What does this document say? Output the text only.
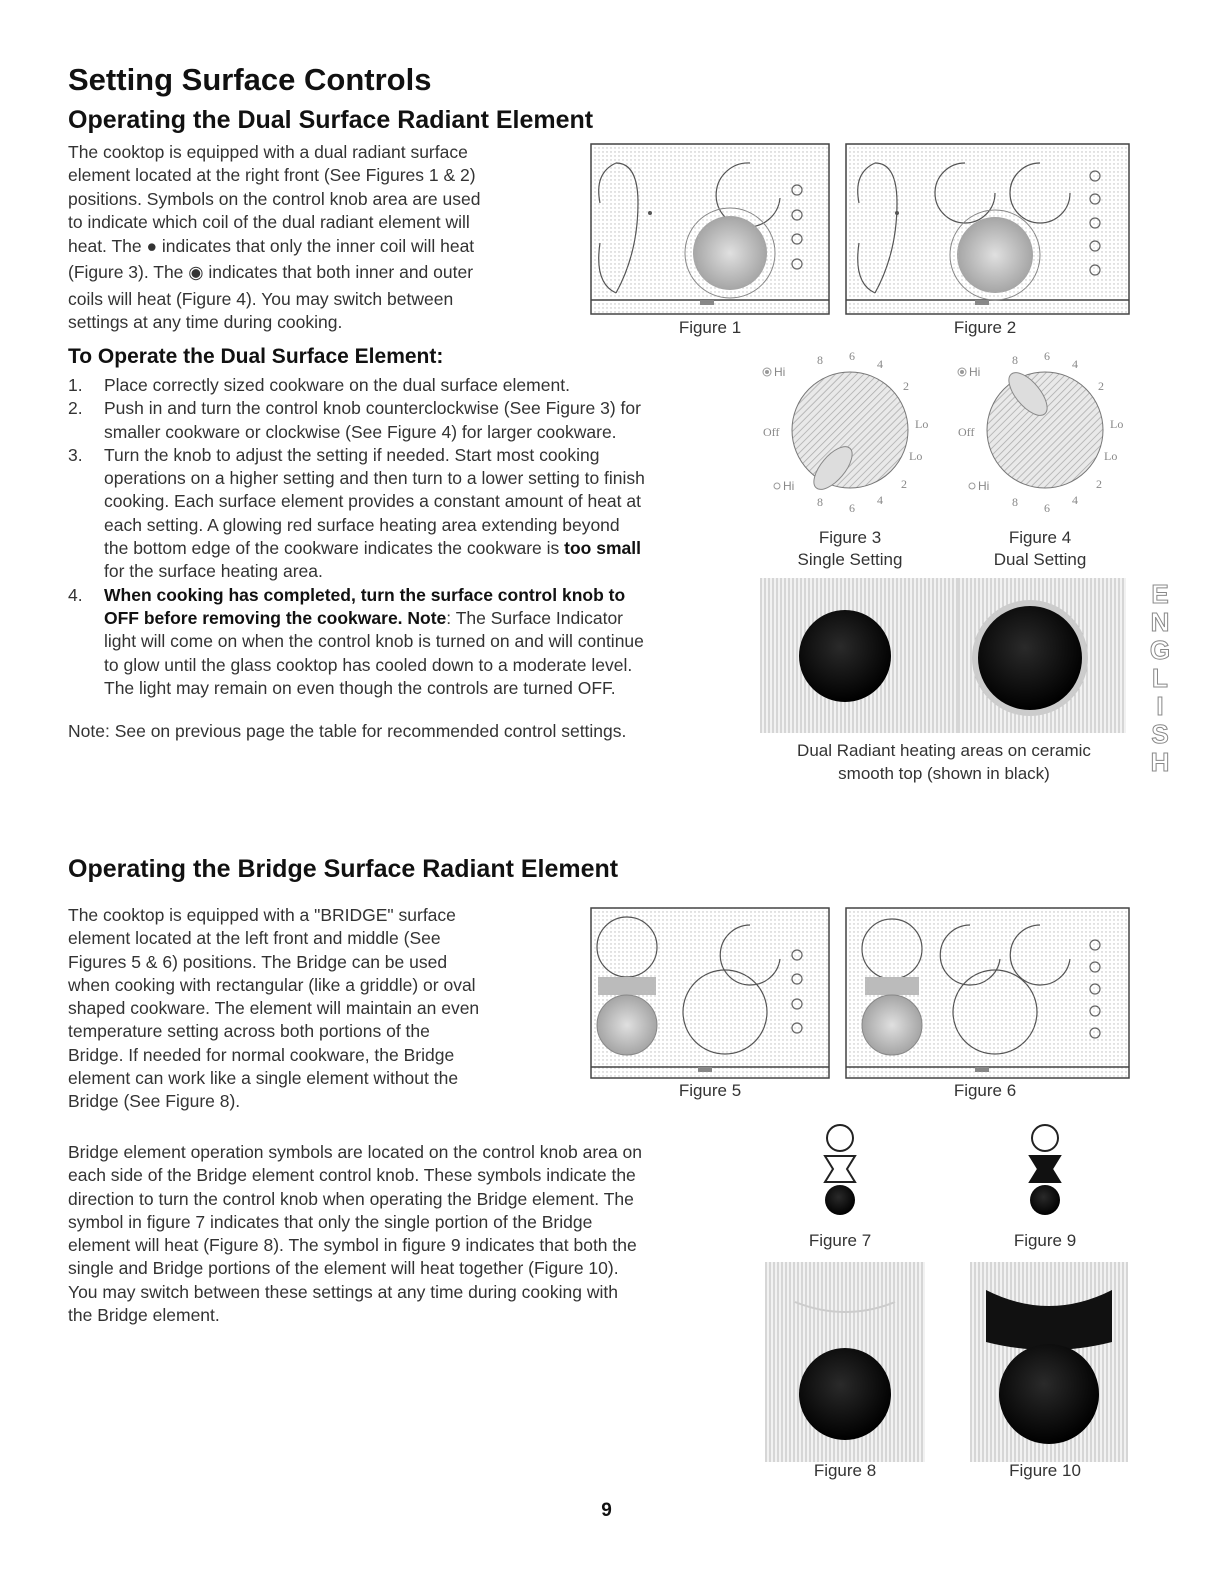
Setting Surface Controls
Operating the Dual Surface Radiant Element
The cooktop is equipped with a dual radiant surface
element located at the right front (See Figures 1 & 2)
positions. Symbols on the control knob area are used
to indicate which coil of the dual radiant element will
heat. The ● indicates that only the inner coil will heat
(Figure 3). The ◉ indicates that both inner and outer
coils will heat (Figure 4). You may switch between
settings at any time during cooking.
To Operate the Dual Surface Element:
1. Place correctly sized cookware on the dual surface element.
2. Push in and turn the control knob counterclockwise (See Figure 3) for
smaller cookware or clockwise (See Figure 4) for larger cookware.
3. Turn the knob to adjust the setting if needed. Start most cooking
operations on a higher setting and then turn to a lower setting to finish
cooking. Each surface element provides a constant amount of heat at
each setting. A glowing red surface heating area extending beyond
the bottom edge of the cookware indicates the cookware is too small
for the surface heating area.
4. When cooking has completed, turn the surface control knob to
OFF before removing the cookware. Note: The Surface Indicator
light will come on when the control knob is turned on and will continue
to glow until the glass cooktop has cooled down to a moderate level.
The light may remain on even though the controls are turned OFF.
Note: See on previous page the table for recommended control settings.
Figure 1	Figure 2
Hi
8 6
4
2
Lo
Off
Lo
2
Hi
8 6
4
Figure 3
Single Setting
Hi
8 6
4
2
Lo
Off
Lo
2
Hi
8 6
4
Figure 4
Dual Setting
Dual Radiant heating areas on ceramic
smooth top (shown in black)
E
N
G
L
I
S
H
Operating the Bridge Surface Radiant Element
The cooktop is equipped with a "BRIDGE" surface
element located at the left front and middle (See
Figures 5 & 6) positions. The Bridge can be used
when cooking with rectangular (like a griddle) or oval
shaped cookware. The element will maintain an even
temperature setting across both portions of the
Bridge. If needed for normal cookware, the Bridge
element can work like a single element without the
Bridge (See Figure 8).
Bridge element operation symbols are located on the control knob area on
each side of the Bridge element control knob. These symbols indicate the
direction to turn the control knob when operating the Bridge element. The
symbol in figure 7 indicates that only the single portion of the Bridge
element will heat (Figure 8). The symbol in figure 9 indicates that both the
single and Bridge portions of the element will heat together (Figure 10).
You may switch between these settings at any time during cooking with
the Bridge element.
Figure 5	Figure 6
Figure 7	Figure 9
Figure 8	Figure 10
9
